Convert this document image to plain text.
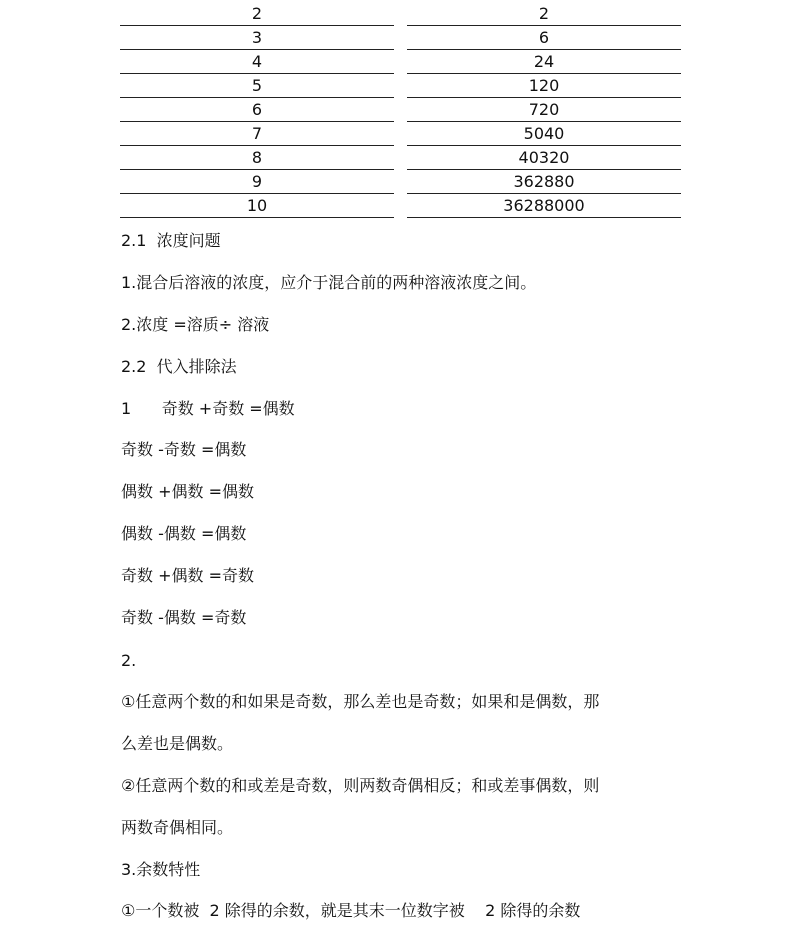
2	2
3	6
4	24
5	120
6	720
7	5040
8	40320
9	362880
10	36288000
2.1  浓度问题
1.混合后溶液的浓度，应介于混合前的两种溶液浓度之间。
2.浓度 =溶质÷ 溶液
2.2  代入排除法
1      奇数 +奇数 =偶数
奇数 -奇数 =偶数
偶数 +偶数 =偶数
偶数 -偶数 =偶数
奇数 +偶数 =奇数
奇数 -偶数 =奇数
2.
①任意两个数的和如果是奇数，那么差也是奇数；如果和是偶数，那
么差也是偶数。
②任意两个数的和或差是奇数，则两数奇偶相反；和或差事偶数，则
两数奇偶相同。
3.余数特性
①一个数被  2 除得的余数，就是其末一位数字被    2 除得的余数
